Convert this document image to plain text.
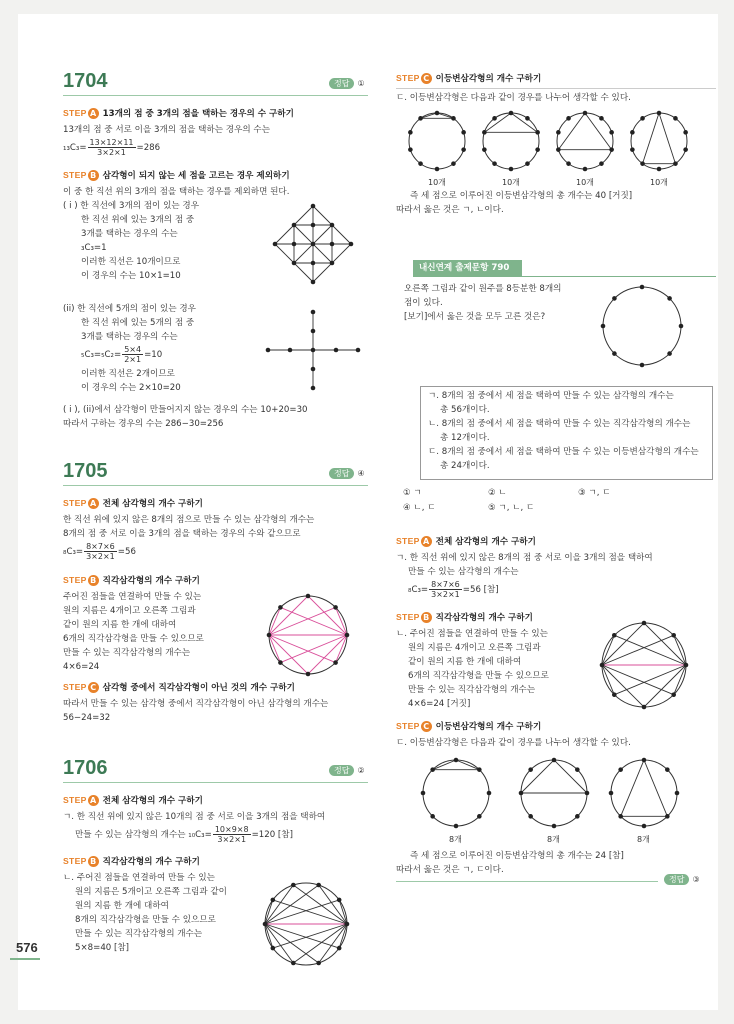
1704	정답 ①
STEP A 13개의 점 중 3개의 점을 택하는 경우의 수 구하기
13개의 점 중 서로 이을 3개의 점을 택하는 경우의 수는
$_{13}C_3= \frac{13\times 12\times 11}{3\times 2\times 1} =286$
STEP B 삼각형이 되지 않는 세 점을 고르는 경우 제외하기
이 중 한 직선 위의 3개의 점을 택하는 경우를 제외하면 된다.
( i ) 한 직선에 3개의 점이 있는 경우
한 직선 위에 있는 3개의 점 중
3개를 택하는 경우의 수는
₃C₃=1
이러한 직선은 10개이므로
이 경우의 수는 10×1=10
(ii) 한 직선에 5개의 점이 있는 경우
한 직선 위에 있는 5개의 점 중
3개를 택하는 경우의 수는
$_5C_3=_5C_2= \frac{5\times 4}{2\times 1} =10$
이러한 직선은 2개이므로
이 경우의 수는 2×10=20
( i ), (ii)에서 삼각형이 만들어지지 않는 경우의 수는 10+20=30
따라서 구하는 경우의 수는 286−30=256
1705	정답 ④
STEP A 전체 삼각형의 개수 구하기
한 직선 위에 있지 않은 8개의 점으로 만들 수 있는 삼각형의 개수는
8개의 점 중 서로 이을 3개의 점을 택하는 경우의 수와 같으므로
$_8C_3= \frac{8\times 7\times 6}{3\times 2\times 1} =56$
STEP B 직각삼각형의 개수 구하기
주어진 점들을 연결하여 만들 수 있는
원의 지름은 4개이고 오른쪽 그림과
같이 원의 지름 한 개에 대하여
6개의 직각삼각형을 만들 수 있으므로
만들 수 있는 직각삼각형의 개수는
4×6=24
STEP C 삼각형 중에서 직각삼각형이 아닌 것의 개수 구하기
따라서 만들 수 있는 삼각형 중에서 직각삼각형이 아닌 삼각형의 개수는
56−24=32
1706	정답 ②
STEP A 전체 삼각형의 개수 구하기
ㄱ. 한 직선 위에 있지 않은 10개의 점 중 서로 이을 3개의 점을 택하여
만들 수 있는 삼각형의 개수는 $_{10}C_3= \frac{10\times 9\times 8}{3\times 2\times 1} =120$ [참]
STEP B 직각삼각형의 개수 구하기
ㄴ. 주어진 점들을 연결하여 만들 수 있는
원의 지름은 5개이고 오른쪽 그림과 같이
원의 지름 한 개에 대하여
8개의 직각삼각형을 만들 수 있으므로
만들 수 있는 직각삼각형의 개수는
5×8=40 [참]
STEP C 이등변삼각형의 개수 구하기
ㄷ. 이등변삼각형은 다음과 같이 경우를 나누어 생각할 수 있다.
10개	10개	10개	10개
즉 세 점으로 이루어진 이등변삼각형의 총 개수는 40 [거짓]
따라서 옳은 것은 ㄱ, ㄴ이다.
내신연계 출제문항 790
오른쪽 그림과 같이 원주를 8등분한 8개의
점이 있다.
[보기]에서 옳은 것을 모두 고른 것은?
ㄱ. 8개의 점 중에서 세 점을 택하여 만들 수 있는 삼각형의 개수는
총 56개이다.
ㄴ. 8개의 점 중에서 세 점을 택하여 만들 수 있는 직각삼각형의 개수는
총 12개이다.
ㄷ. 8개의 점 중에서 세 점을 택하여 만들 수 있는 이등변삼각형의 개수는
총 24개이다.
① ㄱ	② ㄴ	③ ㄱ, ㄷ
④ ㄴ, ㄷ	⑤ ㄱ, ㄴ, ㄷ
STEP A 전체 삼각형의 개수 구하기
ㄱ. 한 직선 위에 있지 않은 8개의 점 중 서로 이을 3개의 점을 택하여
만들 수 있는 삼각형의 개수는
$_8C_3= \frac{8\times 7\times 6}{3\times 2\times 1} =56$ [참]
STEP B 직각삼각형의 개수 구하기
ㄴ. 주어진 점들을 연결하여 만들 수 있는
원의 지름은 4개이고 오른쪽 그림과
같이 원의 지름 한 개에 대하여
6개의 직각삼각형을 만들 수 있으므로
만들 수 있는 직각삼각형의 개수는
4×6=24 [거짓]
STEP C 이등변삼각형의 개수 구하기
ㄷ. 이등변삼각형은 다음과 같이 경우를 나누어 생각할 수 있다.
8개	8개	8개
즉 세 점으로 이루어진 이등변삼각형의 총 개수는 24 [참]
따라서 옳은 것은 ㄱ, ㄷ이다.
정답 ③
576
